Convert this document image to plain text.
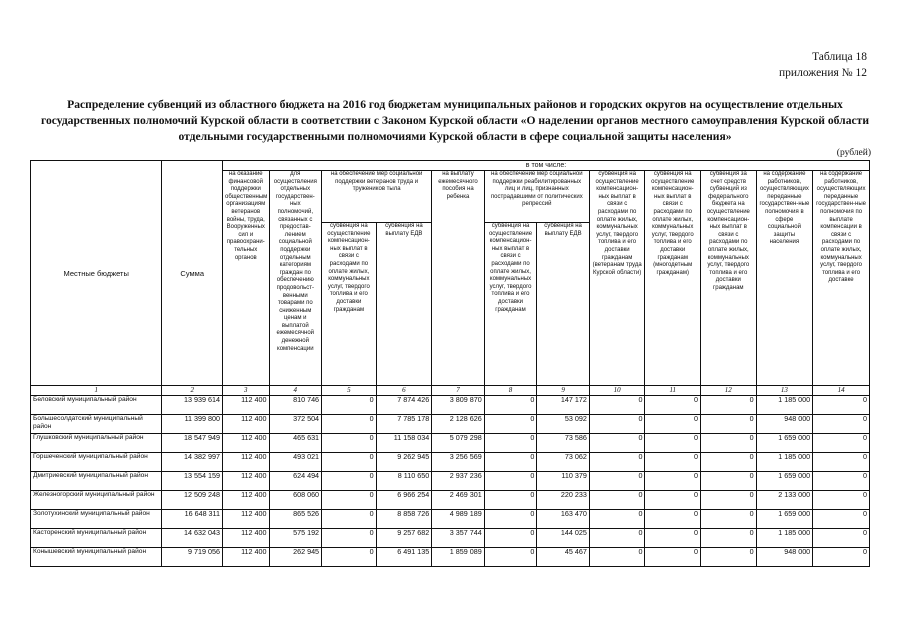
Таблица 18
приложения № 12
Распределение субвенций из областного бюджета на 2016 год бюджетам муниципальных районов и городских округов на осуществление отдельных государственных полномочий Курской области в соответствии с Законом Курской области «О наделении органов местного самоуправления Курской области отдельными государственными полномочиями Курской области в сфере социальной защиты населения»
(рублей)
Местные бюджеты	Сумма	в том числе:											
		на оказание финансовой поддержки общественным организациям ветеранов войны, труда, Вооруженных сил и правоохрани-тельных органов	для осуществления отдельных государствен-ных полномочий, связанных с предостав-лением социальной поддержки отдельным категориям граждан по обеспечению продовольст-венными товарами по сниженным ценам и выплатой ежемесячной денежной компенсации	на обеспечение мер социальной поддержки ветеранов труда и тружеников тыла		на выплату ежемесячного пособия на ребенка	на обеспечение мер социальной поддержки реабилитированных лиц и лиц, признанных пострадавшими от политических репрессий		субвенция на осуществление компенсацион-ных выплат в связи с расходами по оплате жилых, коммунальных услуг, твердого топлива и его доставки гражданам (ветеранам труда Курской области)	субвенция на осуществление компенсацион-ных выплат в связи с расходами по оплате жилых, коммунальных услуг, твердого топлива и его доставки гражданам (многодетным гражданам)	субвенция за счет средств субвенций из федерального бюджета на осуществление компенсацион-ных выплат в связи с расходами по оплате жилых, коммунальных услуг, твердого топлива и его доставки гражданам	на содержание работников, осуществляющих переданные государствен-ные полномочия в сфере социальной защиты населения	на содержание работников, осуществляющих переданные государствен-ные полномочия по выплате компенсации в связи с расходами по оплате жилых, коммунальных услуг, твердого топлива и его доставке
				субвенция на осуществление компенсацион-ных выплат в связи с расходами по оплате жилых, коммунальных услуг, твердого топлива и его доставки гражданам	субвенция на выплату ЕДВ		субвенция на осуществление компенсацион-ных выплат в связи с расходами по оплате жилых, коммунальных услуг, твердого топлива и его доставки гражданам	субвенция на выплату ЕДВ					
1	2	3	4	5	6	7	8	9	10	11	12	13	14
Беловский муниципальный район	13 939 614	112 400	810 746	0	7 874 426	3 809 870	0	147 172	0	0	0	1 185 000	0
Большесолдатский муниципальный район	11 399 800	112 400	372 504	0	7 785 178	2 128 626	0	53 092	0	0	0	948 000	0
Глушковский муниципальный район	18 547 949	112 400	465 631	0	11 158 034	5 079 298	0	73 586	0	0	0	1 659 000	0
Горшеченский муниципальный район	14 382 997	112 400	493 021	0	9 262 945	3 256 569	0	73 062	0	0	0	1 185 000	0
Дмитриевский муниципальный район	13 554 159	112 400	624 494	0	8 110 650	2 937 236	0	110 379	0	0	0	1 659 000	0
Железногорский муниципальный район	12 509 248	112 400	608 060	0	6 966 254	2 469 301	0	220 233	0	0	0	2 133 000	0
Золотухинский муниципальный район	16 648 311	112 400	865 526	0	8 858 726	4 989 189	0	163 470	0	0	0	1 659 000	0
Касторенский муниципальный район	14 632 043	112 400	575 192	0	9 257 682	3 357 744	0	144 025	0	0	0	1 185 000	0
Конышевский муниципальный район	9 719 056	112 400	262 945	0	6 491 135	1 859 089	0	45 467	0	0	0	948 000	0
